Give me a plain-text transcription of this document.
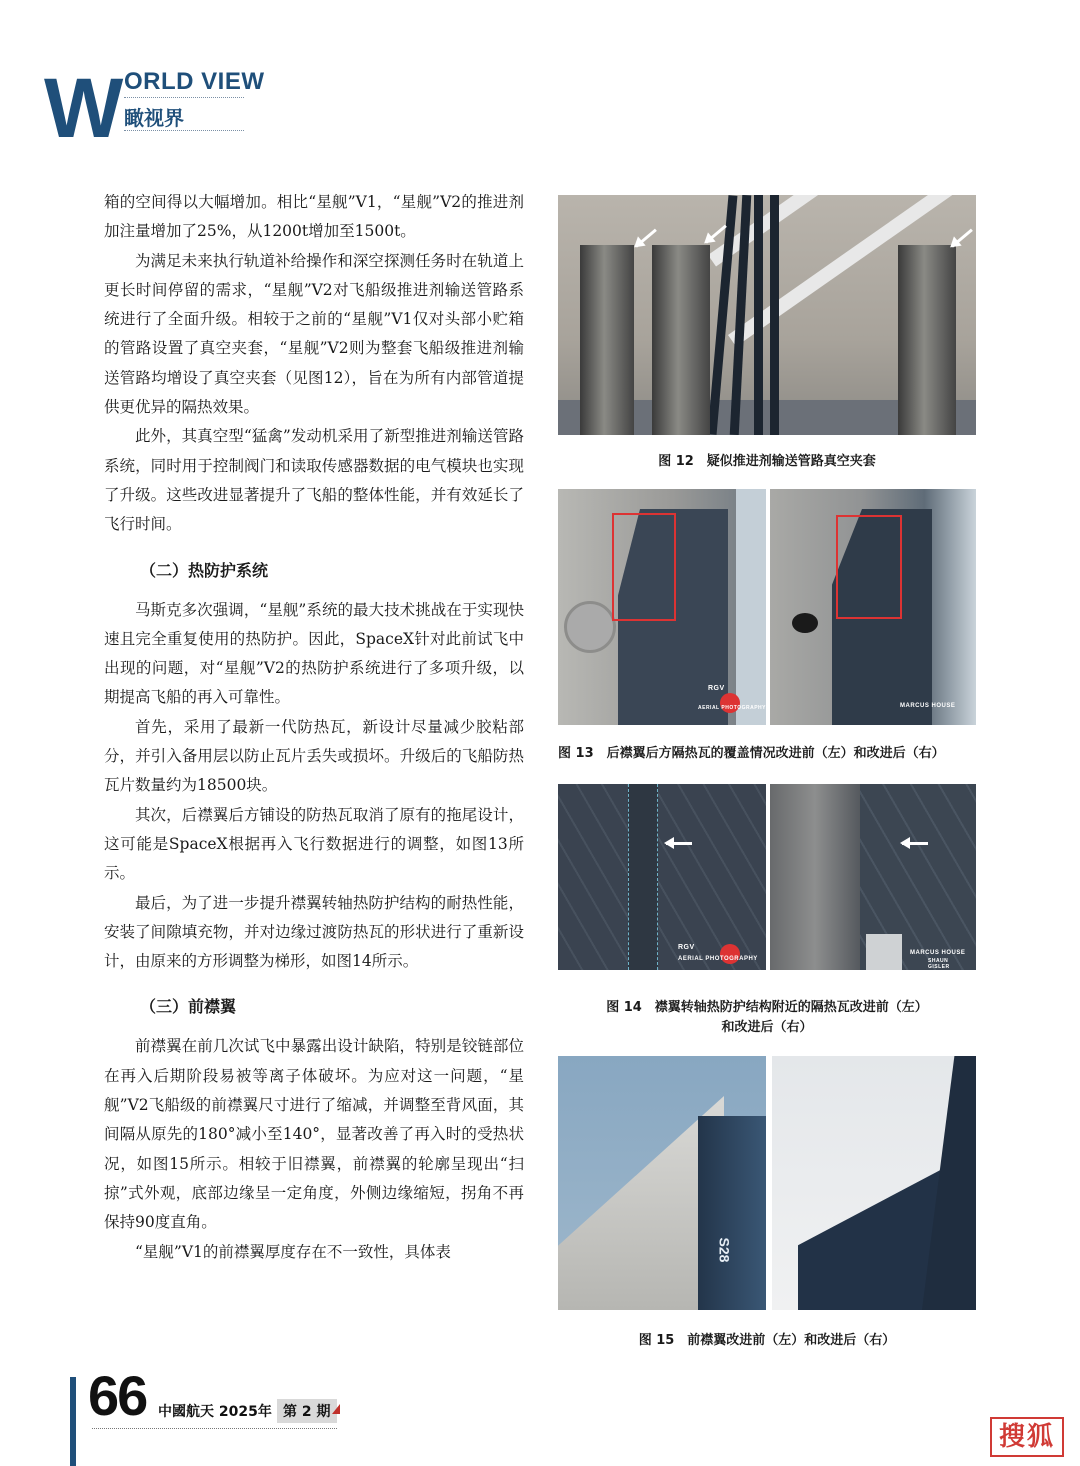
W ORLD VIEW
瞰视界

箱的空间得以大幅增加。相比“星舰”V1，“星舰”V2的推进剂加注量增加了25%，从1200t增加至1500t。

为满足未来执行轨道补给操作和深空探测任务时在轨道上更长时间停留的需求，“星舰”V2对飞船级推进剂输送管路系统进行了全面升级。相较于之前的“星舰”V1仅对头部小贮箱的管路设置了真空夹套，“星舰”V2则为整套飞船级推进剂输送管路均增设了真空夹套（见图12），旨在为所有内部管道提供更优异的隔热效果。

此外，其真空型“猛禽”发动机采用了新型推进剂输送管路系统，同时用于控制阀门和读取传感器数据的电气模块也实现了升级。这些改进显著提升了飞船的整体性能，并有效延长了飞行时间。

（二）热防护系统

马斯克多次强调，“星舰”系统的最大技术挑战在于实现快速且完全重复使用的热防护。因此，SpaceX针对此前试飞中出现的问题，对“星舰”V2的热防护系统进行了多项升级，以期提高飞船的再入可靠性。

首先，采用了最新一代防热瓦，新设计尽量减少胶粘部分，并引入备用层以防止瓦片丢失或损坏。升级后的飞船防热瓦片数量约为18500块。

其次，后襟翼后方铺设的防热瓦取消了原有的拖尾设计，这可能是SpaceX根据再入飞行数据进行的调整，如图13所示。

最后，为了进一步提升襟翼转轴热防护结构的耐热性能，安装了间隙填充物，并对边缘过渡防热瓦的形状进行了重新设计，由原来的方形调整为梯形，如图14所示。

（三）前襟翼

前襟翼在前几次试飞中暴露出设计缺陷，特别是铰链部位在再入后期阶段易被等离子体破坏。为应对这一问题，“星舰”V2飞船级的前襟翼尺寸进行了缩减，并调整至背风面，其间隔从原先的180°减小至140°，显著改善了再入时的受热状况，如图15所示。相较于旧襟翼，前襟翼的轮廓呈现出“扫掠”式外观，底部边缘呈一定角度，外侧边缘缩短，拐角不再保持90度直角。

“星舰”V1的前襟翼厚度存在不一致性，具体表

图 12　疑似推进剂输送管路真空夹套
RGV
AERIAL PHOTOGRAPHY	MARCUS HOUSE
图 13　后襟翼后方隔热瓦的覆盖情况改进前（左）和改进后（右）
RGV
AERIAL PHOTOGRAPHY
MARCUS HOUSE
SHAUN
GISLER
图 14　襟翼转轴热防护结构附近的隔热瓦改进前（左）
和改进后（右）
S28
图 15　前襟翼改进前（左）和改进后（右）
66 中國航天 2025年 第 2 期
搜狐
